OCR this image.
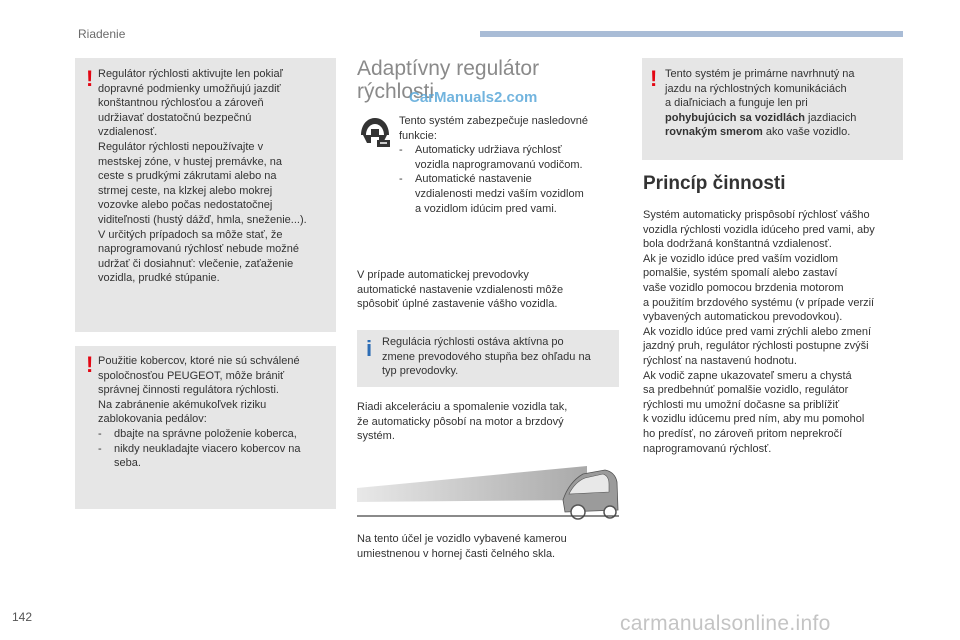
Riadenie
! Regulátor rýchlosti aktivujte len pokiaľ

dopravné podmienky umožňujú jazdiť

konštantnou rýchlosťou a zároveň

udržiavať dostatočnú bezpečnú

vzdialenosť.

Regulátor rýchlosti nepoužívajte v

mestskej zóne, v hustej premávke, na

ceste s prudkými zákrutami alebo na

strmej ceste, na klzkej alebo mokrej

vozovke alebo počas nedostatočnej

viditeľnosti (hustý dážď, hmla, sneženie...).

V určitých prípadoch sa môže stať, že

naprogramovanú rýchlosť nebude možné

udržať či dosiahnuť: vlečenie, zaťaženie

vozidla, prudké stúpanie.

! Použitie kobercov, ktoré nie sú schválené

spoločnosťou PEUGEOT, môže brániť

správnej činnosti regulátora rýchlosti.

Na zabránenie akémukoľvek riziku

zablokovania pedálov:

-	dbajte na správne položenie koberca,
-	nikdy neukladajte viacero kobercov na
seba.
Adaptívny regulátor
rýchlosti
CarManuals2.com

Tento systém zabezpečuje nasledovné

funkcie:

-	Automaticky udržiava rýchlosť
vozidla naprogramovanú vodičom.
-	Automatické nastavenie
vzdialenosti medzi vaším vozidlom
a vozidlom idúcim pred vami.

V prípade automatickej prevodovky

automatické nastavenie vzdialenosti môže

spôsobiť úplné zastavenie vášho vozidla.

i Regulácia rýchlosti ostáva aktívna po

zmene prevodového stupňa bez ohľadu na

typ prevodovky.

Riadi akceleráciu a spomalenie vozidla tak,

že automaticky pôsobí na motor a brzdový

systém.

Na tento účel je vozidlo vybavené kamerou

umiestnenou v hornej časti čelného skla.

! Tento systém je primárne navrhnutý na

jazdu na rýchlostných komunikáciách

a diaľniciach a funguje len pri

pohybujúcich sa vozidlách jazdiacich

rovnakým smerom ako vaše vozidlo.

Princíp činnosti

Systém automaticky prispôsobí rýchlosť vášho

vozidla rýchlosti vozidla idúceho pred vami, aby

bola dodržaná konštantná vzdialenosť.

Ak je vozidlo idúce pred vaším vozidlom

pomalšie, systém spomalí alebo zastaví

vaše vozidlo pomocou brzdenia motorom

a použitím brzdového systému (v prípade verzií

vybavených automatickou prevodovkou).

Ak vozidlo idúce pred vami zrýchli alebo zmení

jazdný pruh, regulátor rýchlosti postupne zvýši

rýchlosť na nastavenú hodnotu.

Ak vodič zapne ukazovateľ smeru a chystá

sa predbehnúť pomalšie vozidlo, regulátor

rýchlosti mu umožní dočasne sa priblížiť

k vozidlu idúcemu pred ním, aby mu pomohol

ho predísť, no zároveň pritom neprekročí

naprogramovanú rýchlosť.

142	carmanualsonline.info
